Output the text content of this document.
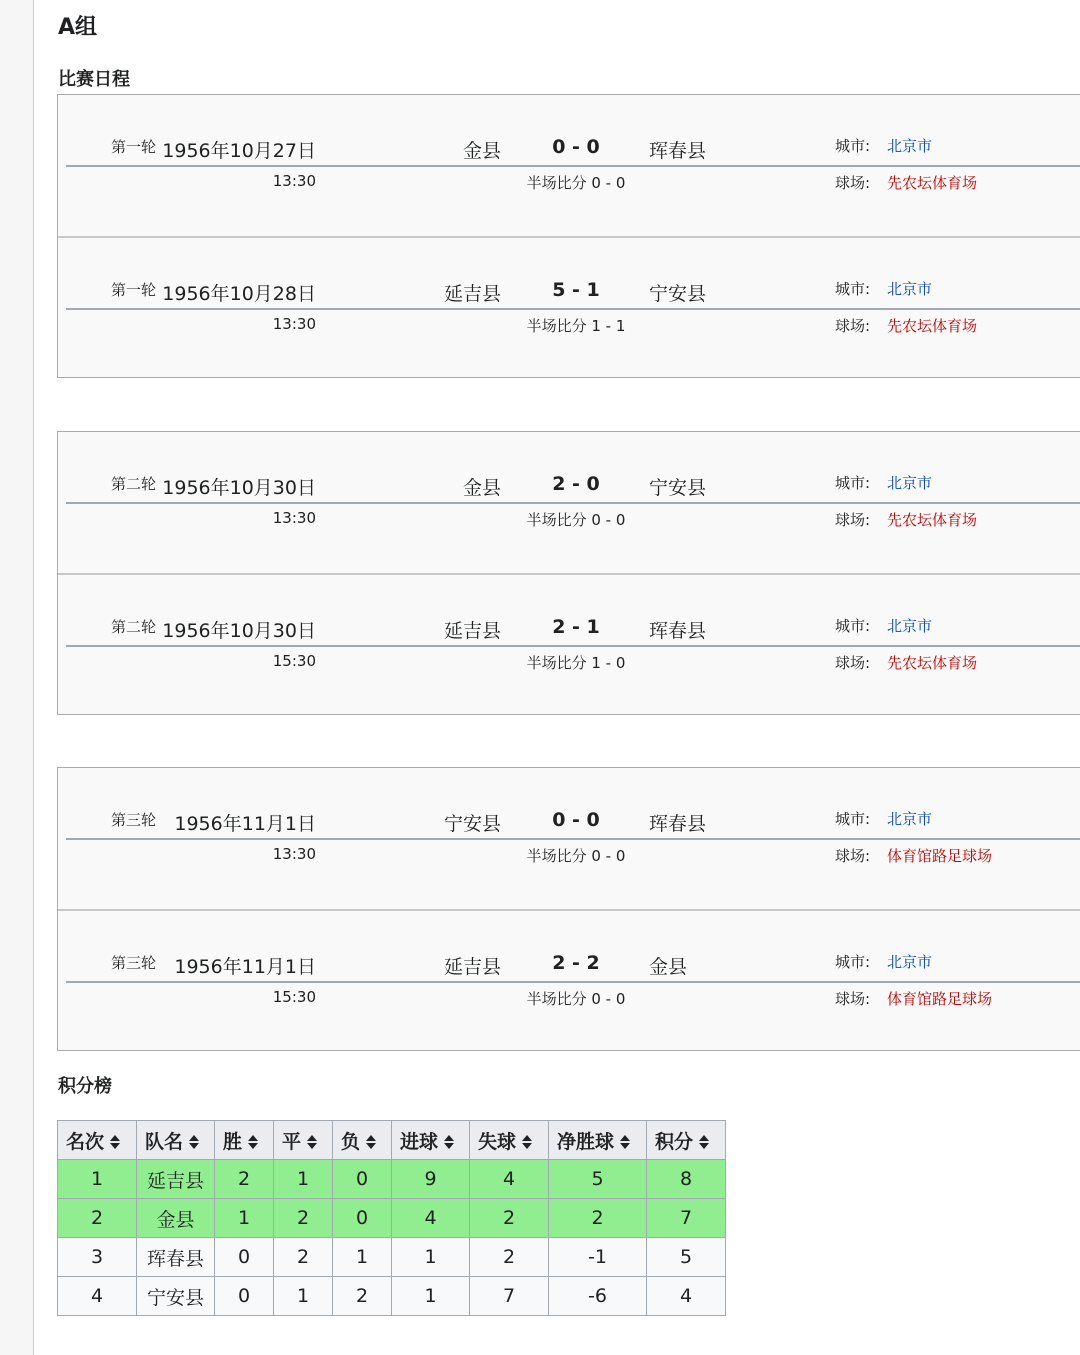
A组
比赛日程
第一轮 1956年10月27日	金县	0 - 0	珲春县	城市: 北京市
13:30	半场比分 0 - 0	球场: 先农坛体育场
第一轮 1956年10月28日	延吉县	5 - 1	宁安县	城市: 北京市
13:30	半场比分 1 - 1	球场: 先农坛体育场
第二轮 1956年10月30日	金县	2 - 0	宁安县	城市: 北京市
13:30	半场比分 0 - 0	球场: 先农坛体育场
第二轮 1956年10月30日	延吉县	2 - 1	珲春县	城市: 北京市
15:30	半场比分 1 - 0	球场: 先农坛体育场
第三轮 1956年11月1日	宁安县	0 - 0	珲春县	城市: 北京市
13:30	半场比分 0 - 0	球场: 体育馆路足球场
第三轮 1956年11月1日	延吉县	2 - 2	金县	城市: 北京市
15:30	半场比分 0 - 0	球场: 体育馆路足球场
积分榜
名次	队名	胜	平	负	进球	失球	净胜球	积分
1	延吉县	2	1	0	9	4	5	8
2	金县	1	2	0	4	2	2	7
3	珲春县	0	2	1	1	2	-1	5
4	宁安县	0	1	2	1	7	-6	4
